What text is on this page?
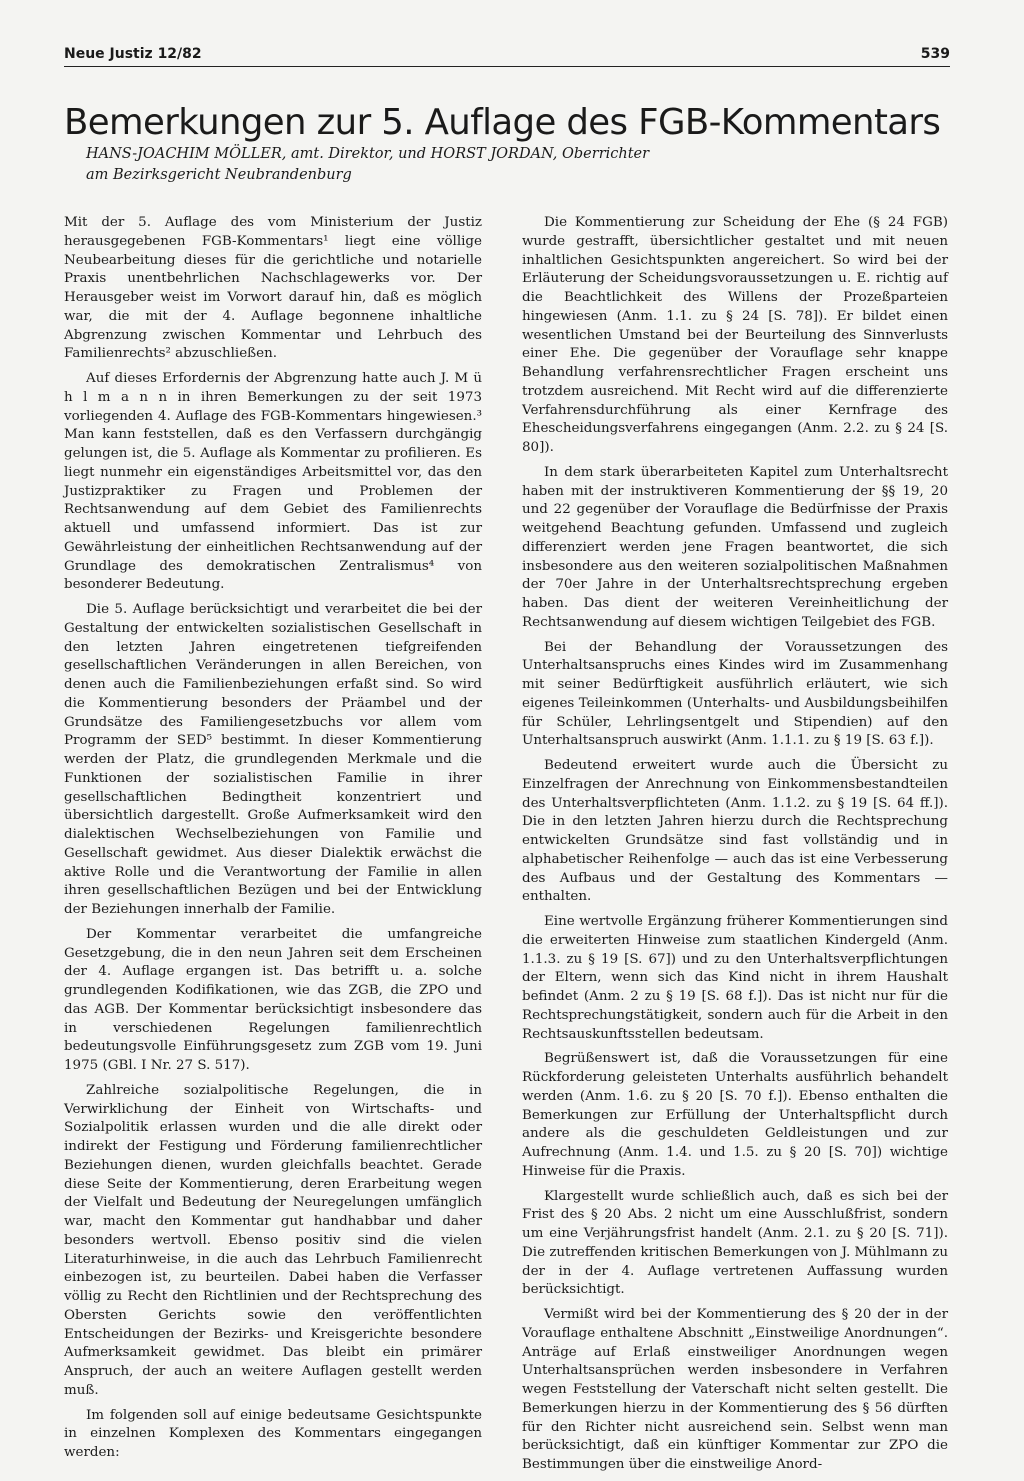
Neue Justiz 12/82	539
Bemerkungen zur 5. Auflage des FGB-Kommentars
HANS-JOACHIM MÖLLER, amt. Direktor, und HORST JORDAN, Oberrichter
am Bezirksgericht Neubrandenburg

Mit der 5. Auflage des vom Ministerium der Justiz herausgegebenen FGB-Kommentars¹ liegt eine völlige Neubearbeitung dieses für die gerichtliche und notarielle Praxis unentbehrlichen Nachschlagewerks vor. Der Herausgeber weist im Vorwort darauf hin, daß es möglich war, die mit der 4. Auflage begonnene inhaltliche Abgrenzung zwischen Kommentar und Lehrbuch des Familienrechts² abzuschließen.

Auf dieses Erfordernis der Abgrenzung hatte auch J. M ü h l m a n n in ihren Bemerkungen zu der seit 1973 vorliegenden 4. Auflage des FGB-Kommentars hingewiesen.³ Man kann feststellen, daß es den Verfassern durchgängig gelungen ist, die 5. Auflage als Kommentar zu profilieren. Es liegt nunmehr ein eigenständiges Arbeitsmittel vor, das den Justizpraktiker zu Fragen und Problemen der Rechtsanwendung auf dem Gebiet des Familienrechts aktuell und umfassend informiert. Das ist zur Gewährleistung der einheitlichen Rechtsanwendung auf der Grundlage des demokratischen Zentralismus⁴ von besonderer Bedeutung.

Die 5. Auflage berücksichtigt und verarbeitet die bei der Gestaltung der entwickelten sozialistischen Gesellschaft in den letzten Jahren eingetretenen tiefgreifenden gesellschaftlichen Veränderungen in allen Bereichen, von denen auch die Familienbeziehungen erfaßt sind. So wird die Kommentierung besonders der Präambel und der Grundsätze des Familiengesetzbuchs vor allem vom Programm der SED⁵ bestimmt. In dieser Kommentierung werden der Platz, die grundlegenden Merkmale und die Funktionen der sozialistischen Familie in ihrer gesellschaftlichen Bedingtheit konzentriert und übersichtlich dargestellt. Große Aufmerksamkeit wird den dialektischen Wechselbeziehungen von Familie und Gesellschaft gewidmet. Aus dieser Dialektik erwächst die aktive Rolle und die Verantwortung der Familie in allen ihren gesellschaftlichen Bezügen und bei der Entwicklung der Beziehungen innerhalb der Familie.

Der Kommentar verarbeitet die umfangreiche Gesetzgebung, die in den neun Jahren seit dem Erscheinen der 4. Auflage ergangen ist. Das betrifft u. a. solche grundlegenden Kodifikationen, wie das ZGB, die ZPO und das AGB. Der Kommentar berücksichtigt insbesondere das in verschiedenen Regelungen familienrechtlich bedeutungsvolle Einführungsgesetz zum ZGB vom 19. Juni 1975 (GBl. I Nr. 27 S. 517).

Zahlreiche sozialpolitische Regelungen, die in Verwirklichung der Einheit von Wirtschafts- und Sozialpolitik erlassen wurden und die alle direkt oder indirekt der Festigung und Förderung familienrechtlicher Beziehungen dienen, wurden gleichfalls beachtet. Gerade diese Seite der Kommentierung, deren Erarbeitung wegen der Vielfalt und Bedeutung der Neuregelungen umfänglich war, macht den Kommentar gut handhabbar und daher besonders wertvoll. Ebenso positiv sind die vielen Literaturhinweise, in die auch das Lehrbuch Familienrecht einbezogen ist, zu beurteilen. Dabei haben die Verfasser völlig zu Recht den Richtlinien und der Rechtsprechung des Obersten Gerichts sowie den veröffentlichten Entscheidungen der Bezirks- und Kreisgerichte besondere Aufmerksamkeit gewidmet. Das bleibt ein primärer Anspruch, der auch an weitere Auflagen gestellt werden muß.

Im folgenden soll auf einige bedeutsame Gesichtspunkte in einzelnen Komplexen des Kommentars eingegangen werden:

Die Kommentierung zur Scheidung der Ehe (§ 24 FGB) wurde gestrafft, übersichtlicher gestaltet und mit neuen inhaltlichen Gesichtspunkten angereichert. So wird bei der Erläuterung der Scheidungsvoraussetzungen u. E. richtig auf die Beachtlichkeit des Willens der Prozeßparteien hingewiesen (Anm. 1.1. zu § 24 [S. 78]). Er bildet einen wesentlichen Umstand bei der Beurteilung des Sinnverlusts einer Ehe. Die gegenüber der Vorauflage sehr knappe Behandlung verfahrensrechtlicher Fragen erscheint uns trotzdem ausreichend. Mit Recht wird auf die differenzierte Verfahrensdurchführung als einer Kernfrage des Ehescheidungsverfahrens eingegangen (Anm. 2.2. zu § 24 [S. 80]).

In dem stark überarbeiteten Kapitel zum Unterhaltsrecht haben mit der instruktiveren Kommentierung der §§ 19, 20 und 22 gegenüber der Vorauflage die Bedürfnisse der Praxis weitgehend Beachtung gefunden. Umfassend und zugleich differenziert werden jene Fragen beantwortet, die sich insbesondere aus den weiteren sozialpolitischen Maßnahmen der 70er Jahre in der Unterhaltsrechtsprechung ergeben haben. Das dient der weiteren Vereinheitlichung der Rechtsanwendung auf diesem wichtigen Teilgebiet des FGB.

Bei der Behandlung der Voraussetzungen des Unterhaltsanspruchs eines Kindes wird im Zusammenhang mit seiner Bedürftigkeit ausführlich erläutert, wie sich eigenes Teileinkommen (Unterhalts- und Ausbildungsbeihilfen für Schüler, Lehrlingsentgelt und Stipendien) auf den Unterhaltsanspruch auswirkt (Anm. 1.1.1. zu § 19 [S. 63 f.]).

Bedeutend erweitert wurde auch die Übersicht zu Einzelfragen der Anrechnung von Einkommensbestandteilen des Unterhaltsverpflichteten (Anm. 1.1.2. zu § 19 [S. 64 ff.]). Die in den letzten Jahren hierzu durch die Rechtsprechung entwickelten Grundsätze sind fast vollständig und in alphabetischer Reihenfolge — auch das ist eine Verbesserung des Aufbaus und der Gestaltung des Kommentars — enthalten.

Eine wertvolle Ergänzung früherer Kommentierungen sind die erweiterten Hinweise zum staatlichen Kindergeld (Anm. 1.1.3. zu § 19 [S. 67]) und zu den Unterhaltsverpflichtungen der Eltern, wenn sich das Kind nicht in ihrem Haushalt befindet (Anm. 2 zu § 19 [S. 68 f.]). Das ist nicht nur für die Rechtsprechungstätigkeit, sondern auch für die Arbeit in den Rechtsauskunftsstellen bedeutsam.

Begrüßenswert ist, daß die Voraussetzungen für eine Rückforderung geleisteten Unterhalts ausführlich behandelt werden (Anm. 1.6. zu § 20 [S. 70 f.]). Ebenso enthalten die Bemerkungen zur Erfüllung der Unterhaltspflicht durch andere als die geschuldeten Geldleistungen und zur Aufrechnung (Anm. 1.4. und 1.5. zu § 20 [S. 70]) wichtige Hinweise für die Praxis.

Klargestellt wurde schließlich auch, daß es sich bei der Frist des § 20 Abs. 2 nicht um eine Ausschlußfrist, sondern um eine Verjährungsfrist handelt (Anm. 2.1. zu § 20 [S. 71]). Die zutreffenden kritischen Bemerkungen von J. Mühlmann zu der in der 4. Auflage vertretenen Auffassung wurden berücksichtigt.

Vermißt wird bei der Kommentierung des § 20 der in der Vorauflage enthaltene Abschnitt „Einstweilige Anordnungen“. Anträge auf Erlaß einstweiliger Anordnungen wegen Unterhaltsansprüchen werden insbesondere in Verfahren wegen Feststellung der Vaterschaft nicht selten gestellt. Die Bemerkungen hierzu in der Kommentierung des § 56 dürften für den Richter nicht ausreichend sein. Selbst wenn man berücksichtigt, daß ein künftiger Kommentar zur ZPO die Bestimmungen über die einstweilige Anord-
